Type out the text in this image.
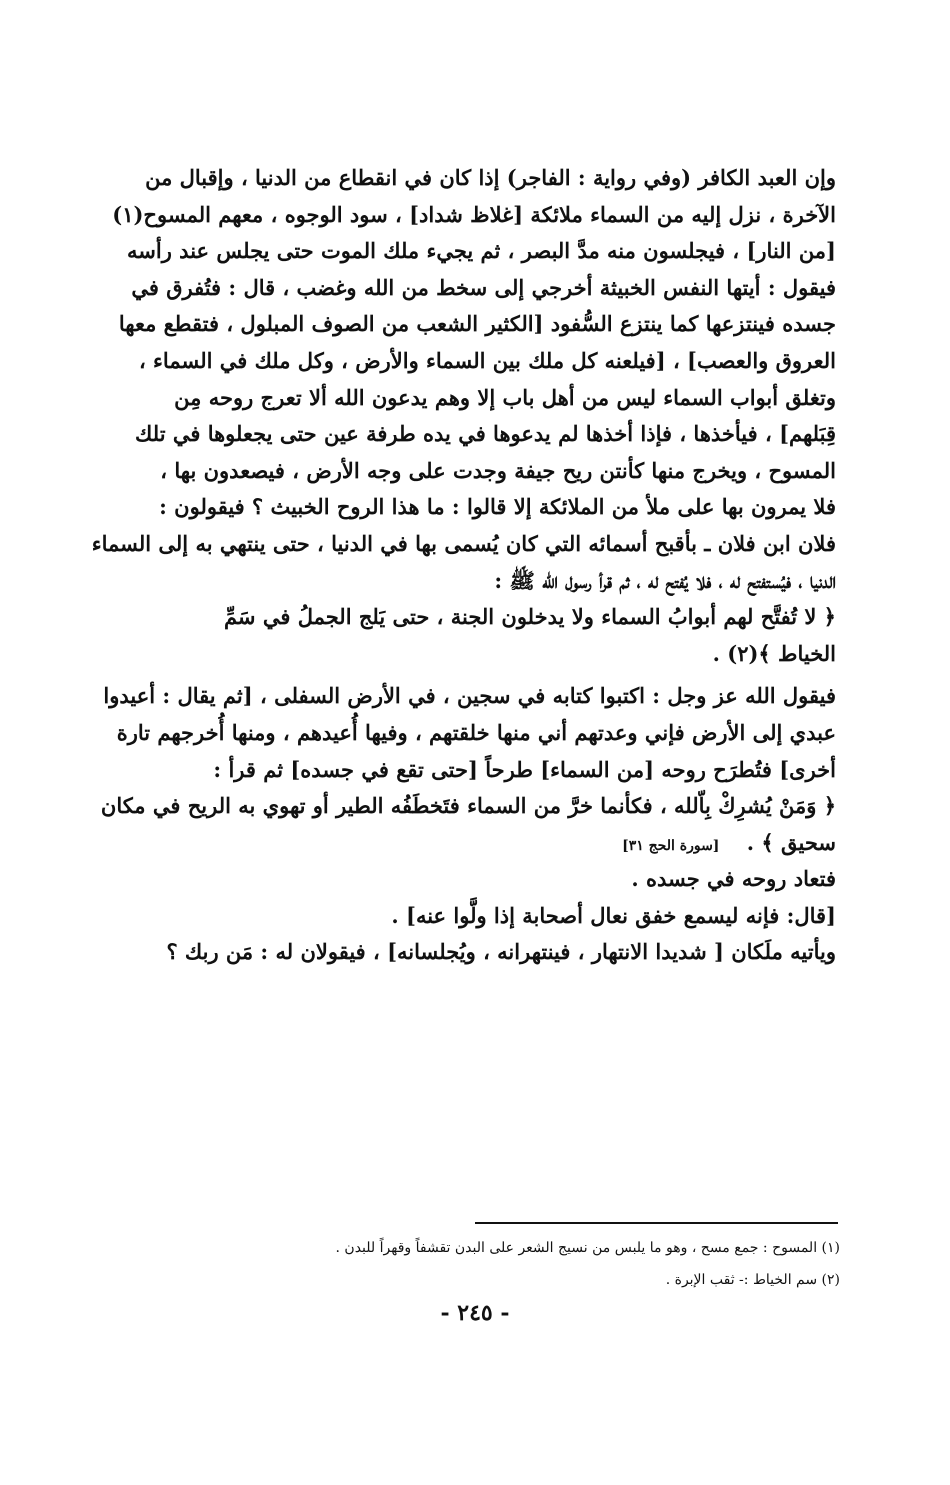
وإن العبد الكافر (وفي رواية : الفاجر) إذا كان في انقطاع من الدنيا ، وإقبال من
الآخرة ، نزل إليه من السماء ملائكة [غلاظ شداد] ، سود الوجوه ، معهم المسوح(١)
[من النار] ، فيجلسون منه مدَّ البصر ، ثم يجيء ملك الموت حتى يجلس عند رأسه
فيقول : أيتها النفس الخبيثة أخرجي إلى سخط من الله وغضب ، قال : فتُفرق في
جسده فينتزعها كما ينتزع السُّفود [الكثير الشعب من الصوف المبلول ، فتقطع معها
العروق والعصب] ، [فيلعنه كل ملك بين السماء والأرض ، وكل ملك في السماء ،
وتغلق أبواب السماء ليس من أهل باب إلا وهم يدعون الله ألا تعرج روحه مِن
قِبَلهم] ، فيأخذها ، فإذا أخذها لم يدعوها في يده طرفة عين حتى يجعلوها في تلك
المسوح ، ويخرج منها كأنتن ريح جيفة وجدت على وجه الأرض ، فيصعدون بها ،
فلا يمرون بها على ملأ من الملائكة إلا قالوا : ما هذا الروح الخبيث ؟ فيقولون :
فلان ابن فلان ـ بأقبح أسمائه التي كان يُسمى بها في الدنيا ، حتى ينتهي به إلى السماء
الدنيا ، فيُستفتح له ، فلا يُفتح له ، ثم قرأ رسول الله ﷺ :
﴿ لا تُفتَّح لهم أبوابُ السماء ولا يدخلون الجنة ، حتى يَلج الجملُ في سَمِّ
الخياط ﴾(٢) .
فيقول الله عز وجل : اكتبوا كتابه في سجين ، في الأرض السفلى ، [ثم يقال : أعيدوا
عبدي إلى الأرض فإني وعدتهم أني منها خلقتهم ، وفيها أُعيدهم ، ومنها أُخرجهم تارة
أخرى] فتُطرَح روحه [من السماء] طرحاً [حتى تقع في جسده] ثم قرأ :
﴿ وَمَنْ يُشرِكْ بِاّلله ، فكأنما خرَّ من السماء فتَخطَفُه الطير أو تهوي به الريح في مكان
سحيق ﴾ . [سورة الحج ٣١]
فتعاد روحه في جسده .
[قال: فإنه ليسمع خفق نعال أصحابة إذا ولَّوا عنه] .
ويأتيه ملَكان [ شديدا الانتهار ، فينتهرانه ، ويُجلسانه] ، فيقولان له : مَن ربك ؟
(١) المسوح : جمع مسح ، وهو ما يلبس من نسيج الشعر على البدن تقشفاً وقهراً للبدن .
(٢) سم الخياط :- ثقب الإبرة .
- ٢٤٥ -
